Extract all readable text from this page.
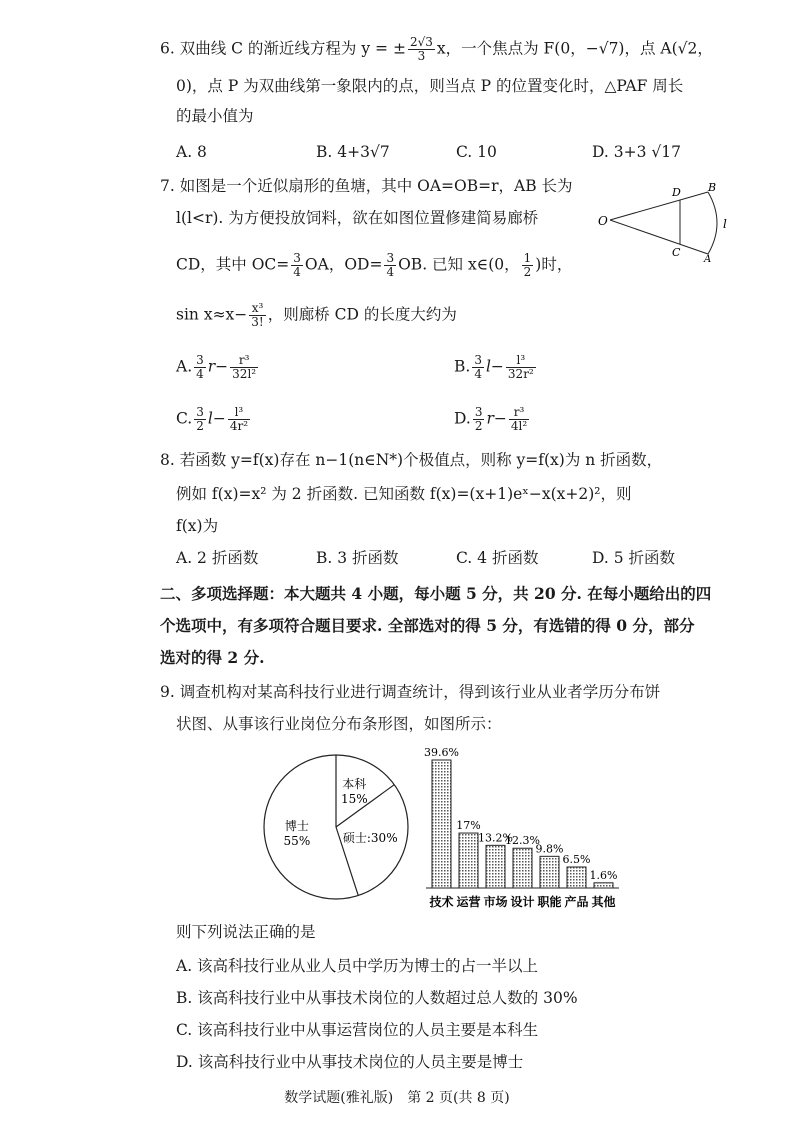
6. 双曲线 C 的渐近线方程为 y = ± $\frac{2√3}{3}$ x，一个焦点为 F(0，−√7)，点 A(√2，
0)，点 P 为双曲线第一象限内的点，则当点 P 的位置变化时，△PAF 周长
的最小值为
A. 8	B. 4+3√7	C. 10	D. 3+3 √17
7. 如图是一个近似扇形的鱼塘，其中 OA=OB=r，AB 长为
l(l<r). 为方便投放饲料，欲在如图位置修建简易廊桥
CD，其中 $OC= \frac{3}{4}$ OA，$OD= \frac{3}{4}$ OB. 已知 x∈(0， $\frac{1}{2}$ )时，
$\sin x\approx x- \frac{\text{x³}}{3!}$ ，则廊桥 CD 的长度大约为
A. $\frac{3}{4} r- \frac{\text{r³}}{\text{32l²}}$	B. $\frac{3}{4} l- \frac{\text{l³}}{\text{32r²}}$
C. $\frac{3}{2} l- \frac{\text{l³}}{\text{4r²}}$	D. $\frac{3}{2} r- \frac{\text{r³}}{\text{4l²}}$
O
D B
C
A
l
8. 若函数 y=f(x)存在 n−1(n∈N*)个极值点，则称 y=f(x)为 n 折函数，
例如 f(x)=x² 为 2 折函数. 已知函数 f(x)=(x+1)eˣ−x(x+2)²，则
f(x)为
A. 2 折函数	B. 3 折函数	C. 4 折函数	D. 5 折函数
二、多项选择题：本大题共 4 小题，每小题 5 分，共 20 分. 在每小题给出的四
个选项中，有多项符合题目要求. 全部选对的得 5 分，有选错的得 0 分，部分
选对的得 2 分.
9. 调查机构对某高科技行业进行调查统计，得到该行业从业者学历分布饼
状图、从事该行业岗位分布条形图，如图所示：
本科
15%
硕士:30%
博士
55%
39.6%
技术
17%
运营
13.2%
市场
12.3%
设计
9.8%
职能
6.5%
产品
1.6%
其他
则下列说法正确的是
A. 该高科技行业从业人员中学历为博士的占一半以上
B. 该高科技行业中从事技术岗位的人数超过总人数的 30%
C. 该高科技行业中从事运营岗位的人员主要是本科生
D. 该高科技行业中从事技术岗位的人员主要是博士
数学试题(雅礼版)　第 2 页(共 8 页)
